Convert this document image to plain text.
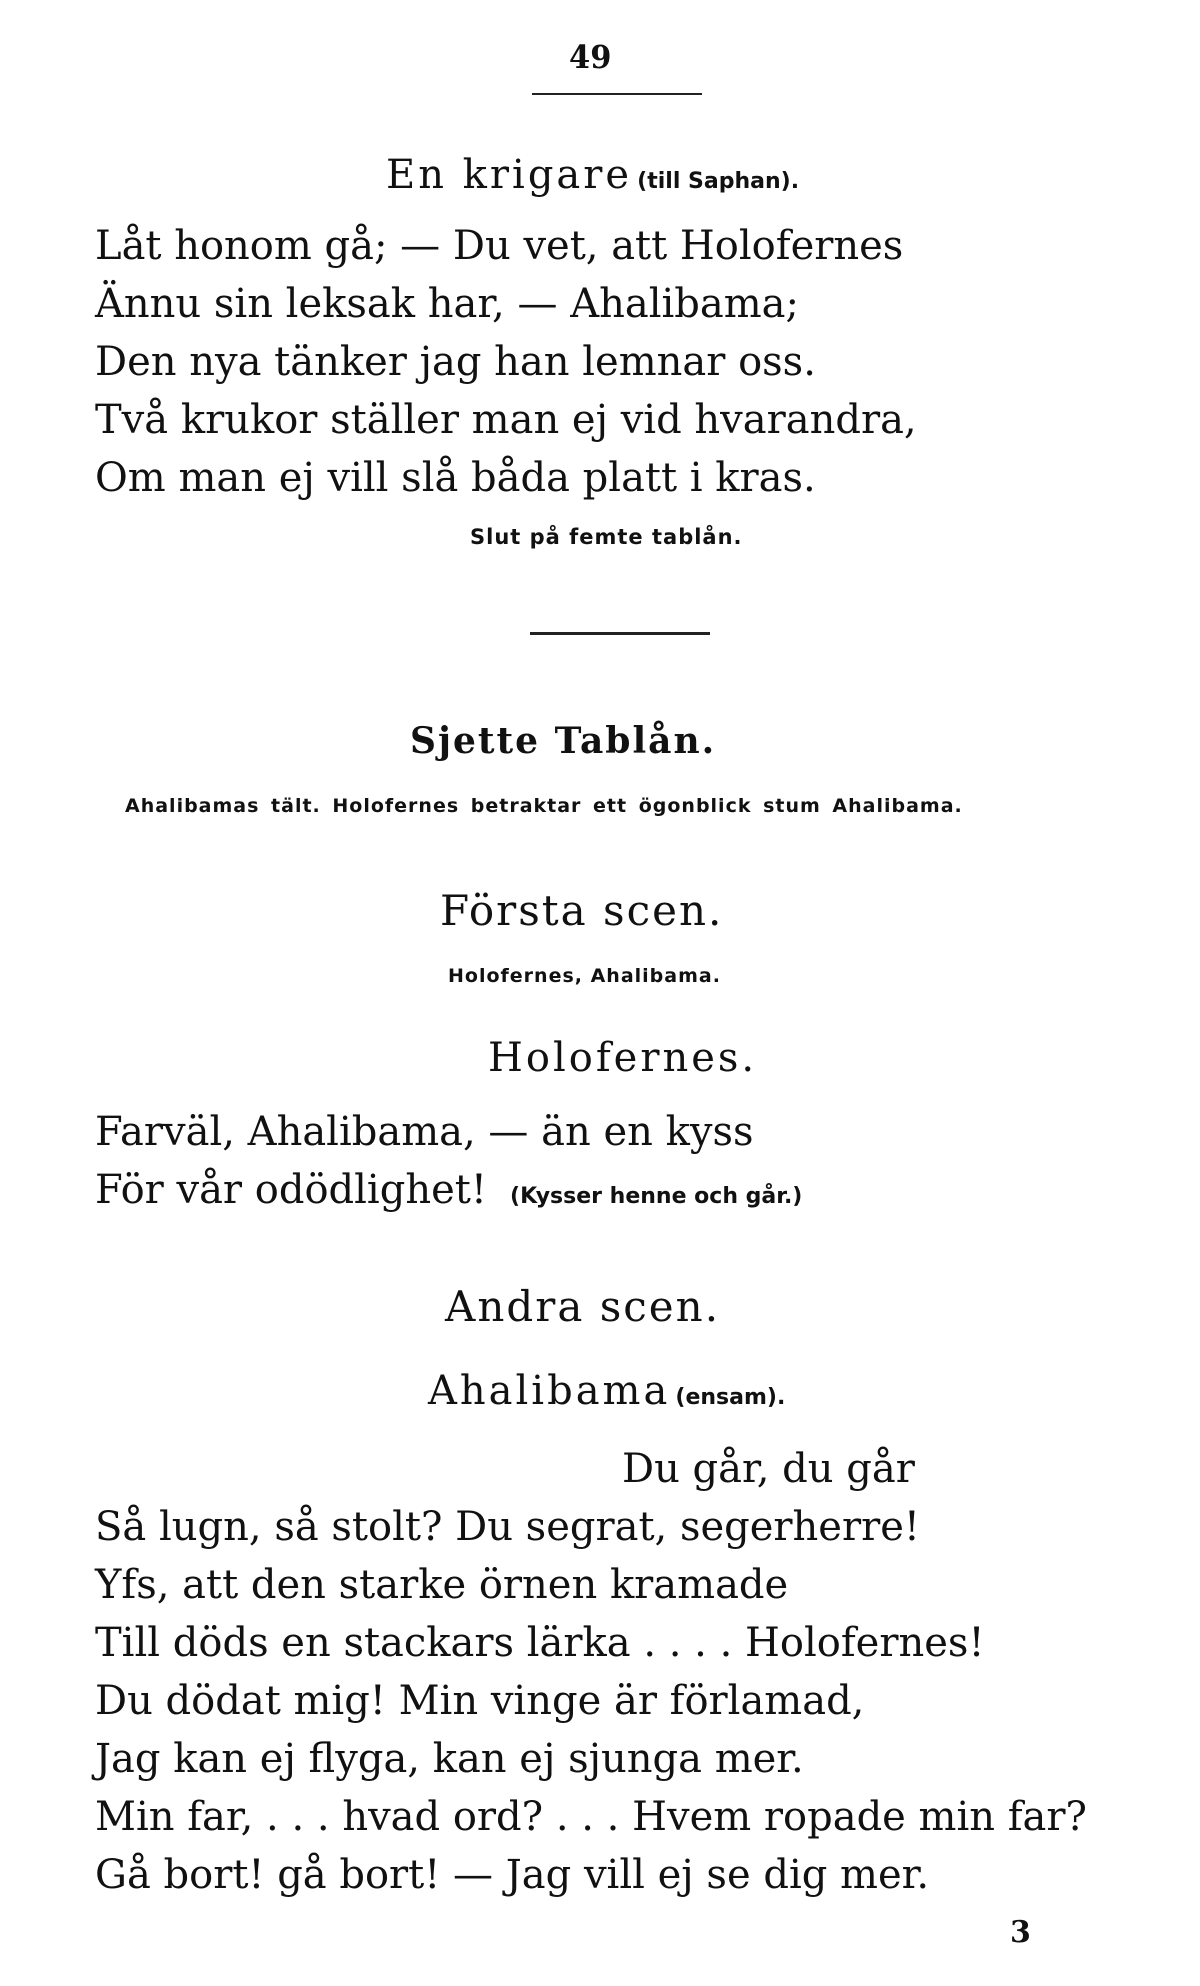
49
En krigare (till Saphan).
Låt honom gå; — Du vet, att Holofernes
Ännu sin leksak har, — Ahalibama;
Den nya tänker jag han lemnar oss.
Två krukor ställer man ej vid hvarandra,
Om man ej vill slå båda platt i kras.
Slut på femte tablån.
Sjette Tablån.
Ahalibamas tält. Holofernes betraktar ett ögonblick stum Ahalibama.
Första scen.
Holofernes, Ahalibama.
Holofernes.
Farväl, Ahalibama, — än en kyss
För vår odödlighet! (Kysser henne och går.)
Andra scen.
Ahalibama (ensam).
Du går, du går
Så lugn, så stolt? Du segrat, segerherre!
Yfs, att den starke örnen kramade
Till döds en stackars lärka . . . . Holofernes!
Du dödat mig! Min vinge är förlamad,
Jag kan ej flyga, kan ej sjunga mer.
Min far, . . . hvad ord? . . . Hvem ropade min far?
Gå bort! gå bort! — Jag vill ej se dig mer.
3
